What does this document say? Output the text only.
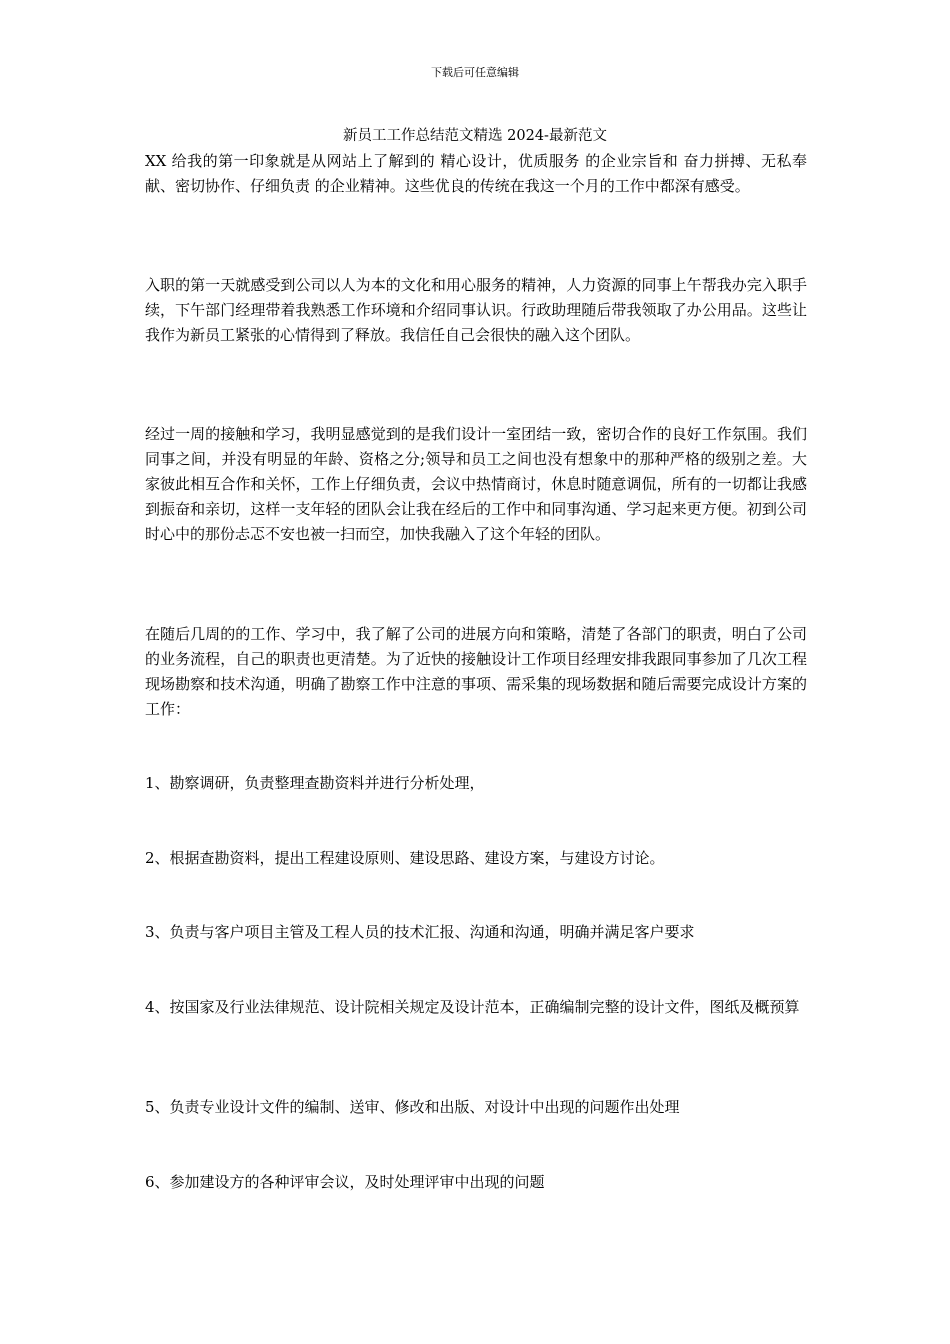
下载后可任意编辑
新员工工作总结范文精选 2024-最新范文

XX 给我的第一印象就是从网站上了解到的 精心设计，优质服务 的企业宗旨和 奋力拼搏、无私奉献、密切协作、仔细负责 的企业精神。这些优良的传统在我这一个月的工作中都深有感受。

入职的第一天就感受到公司以人为本的文化和用心服务的精神，人力资源的同事上午帮我办完入职手续，下午部门经理带着我熟悉工作环境和介绍同事认识。行政助理随后带我领取了办公用品。这些让我作为新员工紧张的心情得到了释放。我信任自己会很快的融入这个团队。

经过一周的接触和学习，我明显感觉到的是我们设计一室团结一致，密切合作的良好工作氛围。我们同事之间，并没有明显的年龄、资格之分;领导和员工之间也没有想象中的那种严格的级别之差。大家彼此相互合作和关怀，工作上仔细负责，会议中热情商讨，休息时随意调侃，所有的一切都让我感到振奋和亲切，这样一支年轻的团队会让我在经后的工作中和同事沟通、学习起来更方便。初到公司时心中的那份忐忑不安也被一扫而空，加快我融入了这个年轻的团队。

在随后几周的的工作、学习中，我了解了公司的进展方向和策略，清楚了各部门的职责，明白了公司的业务流程，自己的职责也更清楚。为了近快的接触设计工作项目经理安排我跟同事参加了几次工程现场勘察和技术沟通，明确了勘察工作中注意的事项、需采集的现场数据和随后需要完成设计方案的工作：

1、勘察调研，负责整理查勘资料并进行分析处理，

2、根据查勘资料，提出工程建设原则、建设思路、建设方案，与建设方讨论。

3、负责与客户项目主管及工程人员的技术汇报、沟通和沟通，明确并满足客户要求

4、按国家及行业法律规范、设计院相关规定及设计范本，正确编制完整的设计文件，图纸及概预算

5、负责专业设计文件的编制、送审、修改和出版、对设计中出现的问题作出处理

6、参加建设方的各种评审会议，及时处理评审中出现的问题
